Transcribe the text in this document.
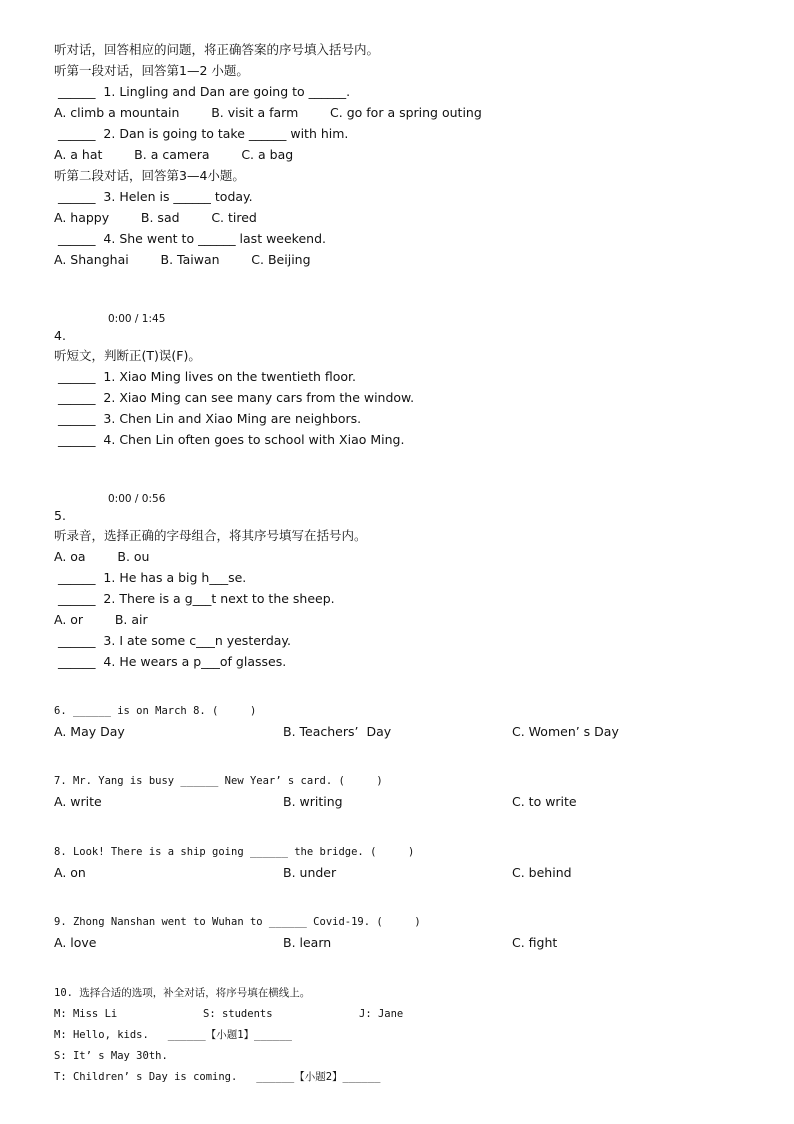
听对话，回答相应的问题，将正确答案的序号填入括号内。
听第一段对话，回答第1—2 小题。
______  1. Lingling and Dan are going to ______.
A. climb a mountain        B. visit a farm        C. go for a spring outing
______  2. Dan is going to take ______ with him.
A. a hat        B. a camera        C. a bag
听第二段对话，回答第3—4小题。
______  3. Helen is ______ today.
A. happy        B. sad        C. tired
______  4. She went to ______ last weekend.
A. Shanghai        B. Taiwan        C. Beijing
0:00 / 1:45
4.
听短文，判断正(T)误(F)。
______  1. Xiao Ming lives on the twentieth floor.
______  2. Xiao Ming can see many cars from the window.
______  3. Chen Lin and Xiao Ming are neighbors.
______  4. Chen Lin often goes to school with Xiao Ming.
0:00 / 0:56
5.
听录音，选择正确的字母组合，将其序号填写在括号内。
A. oa        B. ou
______  1. He has a big h___se.
______  2. There is a g___t next to the sheep.
A. or        B. air
______  3. I ate some c___n yesterday.
______  4. He wears a p___of glasses.
6. ______ is on March 8. (     )
A. May Day	B. Teachers’  Day	C. Women’ s Day
7. Mr. Yang is busy ______ New Year’ s card. (     )
A. write	B. writing	C. to write
8. Look! There is a ship going ______ the bridge. (     )
A. on	B. under	C. behind
9. Zhong Nanshan went to Wuhan to ______ Covid-19. (     )
A. love	B. learn	C. fight
10. 选择合适的选项，补全对话，将序号填在横线上。
M: Miss Li	S: students	J: Jane
M: Hello, kids.   ______【小题1】______
S: It’ s May 30th.
T: Children’ s Day is coming.   ______【小题2】______
